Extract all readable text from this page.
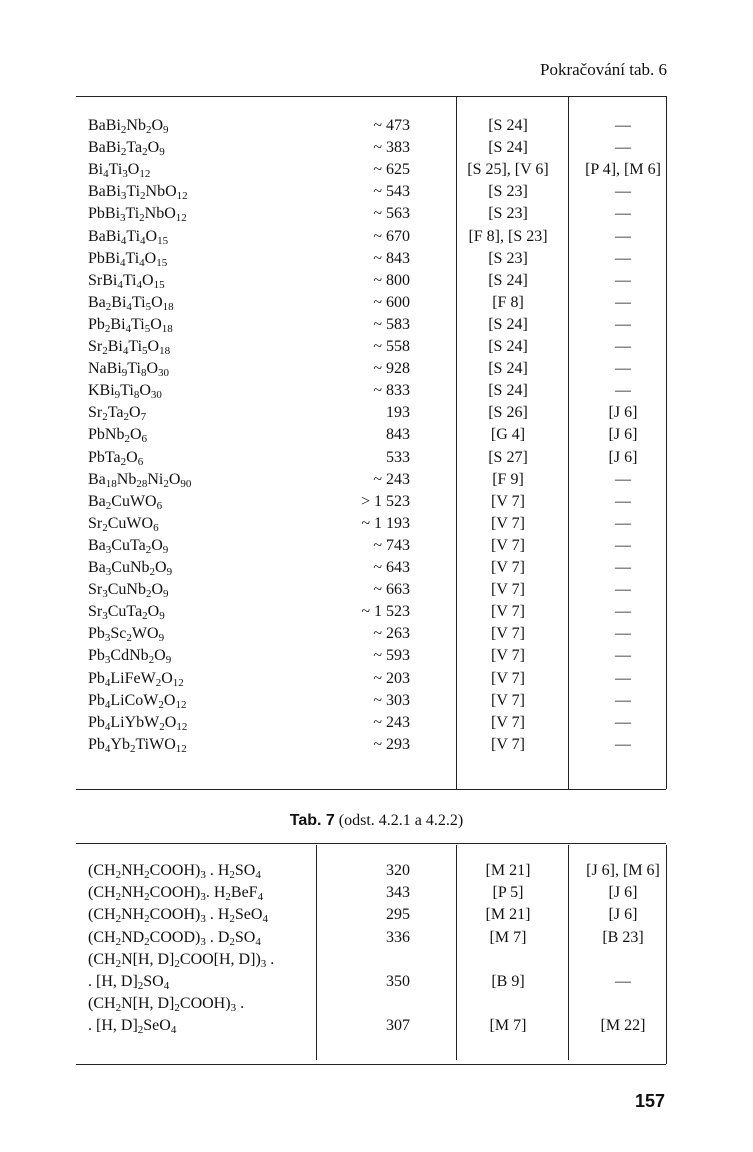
Pokračování tab. 6
$BaBi_2Nb_2O_9$	~ 473	[S 24]	—
$BaBi_2Ta_2O_9$	~ 383	[S 24]	—
$Bi_4Ti_3O_{12}$	~ 625	[S 25], [V 6]	[P 4], [M 6]
$BaBi_3Ti_2NbO_{12}$	~ 543	[S 23]	—
$PbBi_3Ti_2NbO_{12}$	~ 563	[S 23]	—
$BaBi_4Ti_4O_{15}$	~ 670	[F 8], [S 23]	—
$PbBi_4Ti_4O_{15}$	~ 843	[S 23]	—
$SrBi_4Ti_4O_{15}$	~ 800	[S 24]	—
$Ba_2Bi_4Ti_5O_{18}$	~ 600	[F 8]	—
$Pb_2Bi_4Ti_5O_{18}$	~ 583	[S 24]	—
$Sr_2Bi_4Ti_5O_{18}$	~ 558	[S 24]	—
$NaBi_9Ti_8O_{30}$	~ 928	[S 24]	—
$KBi_9Ti_8O_{30}$	~ 833	[S 24]	—
$Sr_2Ta_2O_7$	193	[S 26]	[J 6]
$PbNb_2O_6$	843	[G 4]	[J 6]
$PbTa_2O_6$	533	[S 27]	[J 6]
$Ba_{18}Nb_{28}Ni_2O_{90}$	~ 243	[F 9]	—
$Ba_2CuWO_6$	> 1 523	[V 7]	—
$Sr_2CuWO_6$	~ 1 193	[V 7]	—
$Ba_3CuTa_2O_9$	~ 743	[V 7]	—
$Ba_3CuNb_2O_9$	~ 643	[V 7]	—
$Sr_3CuNb_2O_9$	~ 663	[V 7]	—
$Sr_3CuTa_2O_9$	~ 1 523	[V 7]	—
$Pb_3Sc_2WO_9$	~ 263	[V 7]	—
$Pb_3CdNb_2O_9$	~ 593	[V 7]	—
$Pb_4LiFeW_2O_{12}$	~ 203	[V 7]	—
$Pb_4LiCoW_2O_{12}$	~ 303	[V 7]	—
$Pb_4LiYbW_2O_{12}$	~ 243	[V 7]	—
$Pb_4Yb_2TiWO_{12}$	~ 293	[V 7]	—
Tab. 7 (odst. 4.2.1 a 4.2.2)
$(CH_2NH_2COOH)_3$ . $H_2SO_4$	320	[M 21]	[J 6], [M 6]
$(CH_2NH_2COOH)_3$. $H_2BeF_4$	343	[P 5]	[J 6]
$(CH_2NH_2COOH)_3$ . $H_2SeO_4$	295	[M 21]	[J 6]
$(CH_2ND_2COOD)_3$ . $D_2SO_4$	336	[M 7]	[B 23]
($CH_2N[H$, $D]_2COO[H$, $D])_3$ .
. [H, $D]_2SO_4$	350	[B 9]	—
($CH_2N[H$, $D]_2COOH)_3$ .
. [H, $D]_2SeO_4$	307	[M 7]	[M 22]
157
